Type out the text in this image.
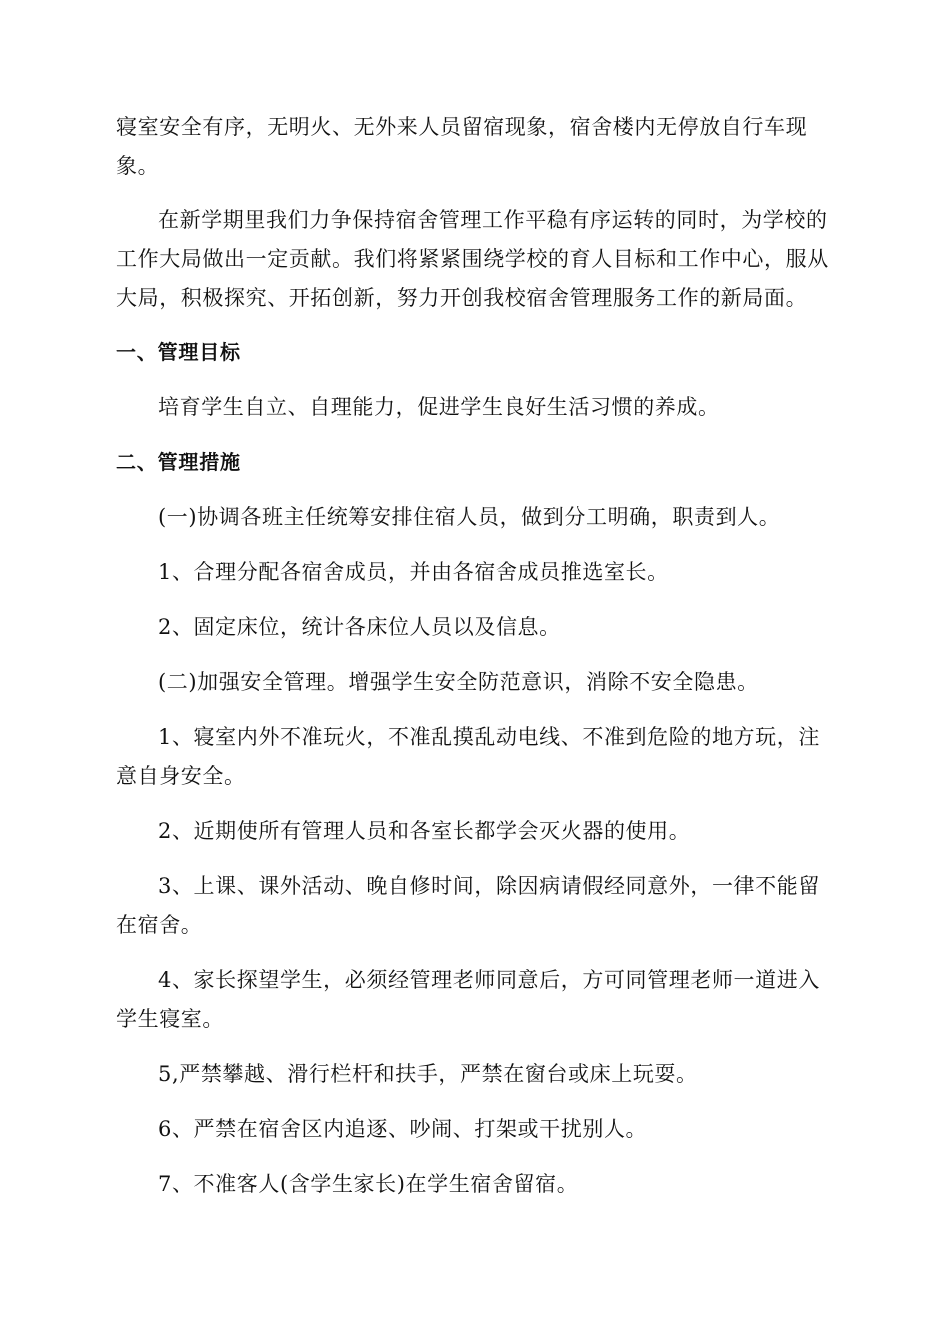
寝室安全有序，无明火、无外来人员留宿现象，宿舍楼内无停放自行车现象。

在新学期里我们力争保持宿舍管理工作平稳有序运转的同时，为学校的工作大局做出一定贡献。我们将紧紧围绕学校的育人目标和工作中心，服从大局，积极探究、开拓创新，努力开创我校宿舍管理服务工作的新局面。

一、管理目标

培育学生自立、自理能力，促进学生良好生活习惯的养成。

二、管理措施

(一)协调各班主任统筹安排住宿人员，做到分工明确，职责到人。

1、合理分配各宿舍成员，并由各宿舍成员推选室长。

2、固定床位，统计各床位人员以及信息。

(二)加强安全管理。增强学生安全防范意识，消除不安全隐患。

1、寝室内外不准玩火，不准乱摸乱动电线、不准到危险的地方玩，注意自身安全。

2、近期使所有管理人员和各室长都学会灭火器的使用。

3、上课、课外活动、晚自修时间，除因病请假经同意外，一律不能留在宿舍。

4、家长探望学生，必须经管理老师同意后，方可同管理老师一道进入学生寝室。

5,严禁攀越、滑行栏杆和扶手，严禁在窗台或床上玩耍。

6、严禁在宿舍区内追逐、吵闹、打架或干扰别人。

7、不准客人(含学生家长)在学生宿舍留宿。
